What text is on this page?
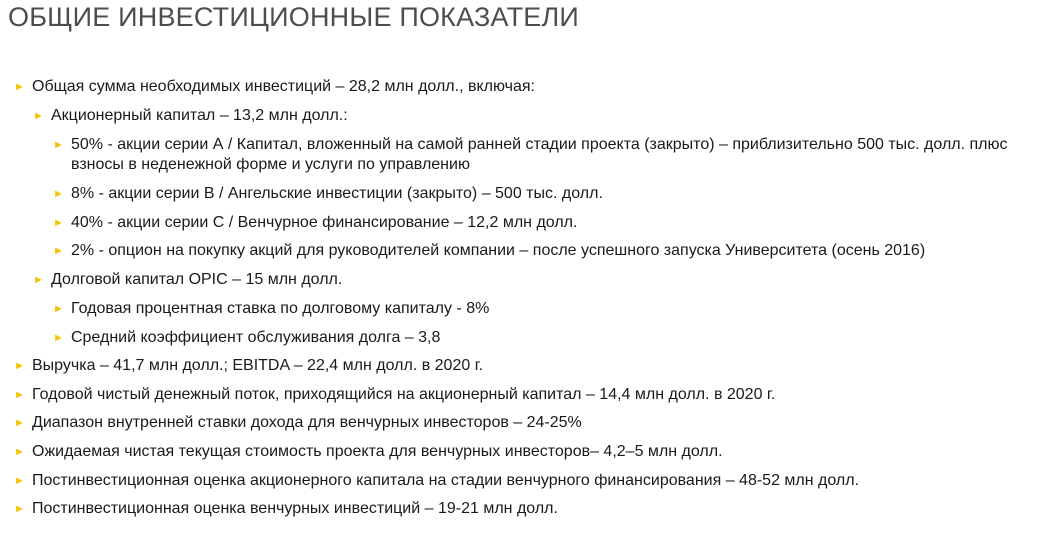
ОБЩИЕ ИНВЕСТИЦИОННЫЕ ПОКАЗАТЕЛИ
► Общая сумма необходимых инвестиций – 28,2 млн долл., включая:
► Акционерный капитал – 13,2 млн долл.:
► 50% - акции серии А / Капитал, вложенный на самой ранней стадии проекта (закрыто) – приблизительно 500 тыс. долл. плюс взносы в неденежной форме и услуги по управлению
► 8% - акции серии В / Ангельские инвестиции (закрыто) – 500 тыс. долл.
► 40% - акции серии С / Венчурное финансирование – 12,2 млн долл.
► 2% - опцион на покупку акций для руководителей компании – после успешного запуска Университета (осень 2016)
► Долговой капитал OPIC – 15 млн долл.
► Годовая процентная ставка по долговому капиталу - 8%
► Средний коэффициент обслуживания долга – 3,8
► Выручка – 41,7 млн долл.; EBITDA – 22,4 млн долл. в 2020 г.
► Годовой чистый денежный поток, приходящийся на акционерный капитал – 14,4 млн долл. в 2020 г.
► Диапазон внутренней ставки дохода для венчурных инвесторов – 24-25%
► Ожидаемая чистая текущая стоимость проекта для венчурных инвесторов– 4,2–5 млн долл.
► Постинвестиционная оценка акционерного капитала на стадии венчурного финансирования – 48-52 млн долл.
► Постинвестиционная оценка венчурных инвестиций – 19-21 млн долл.
